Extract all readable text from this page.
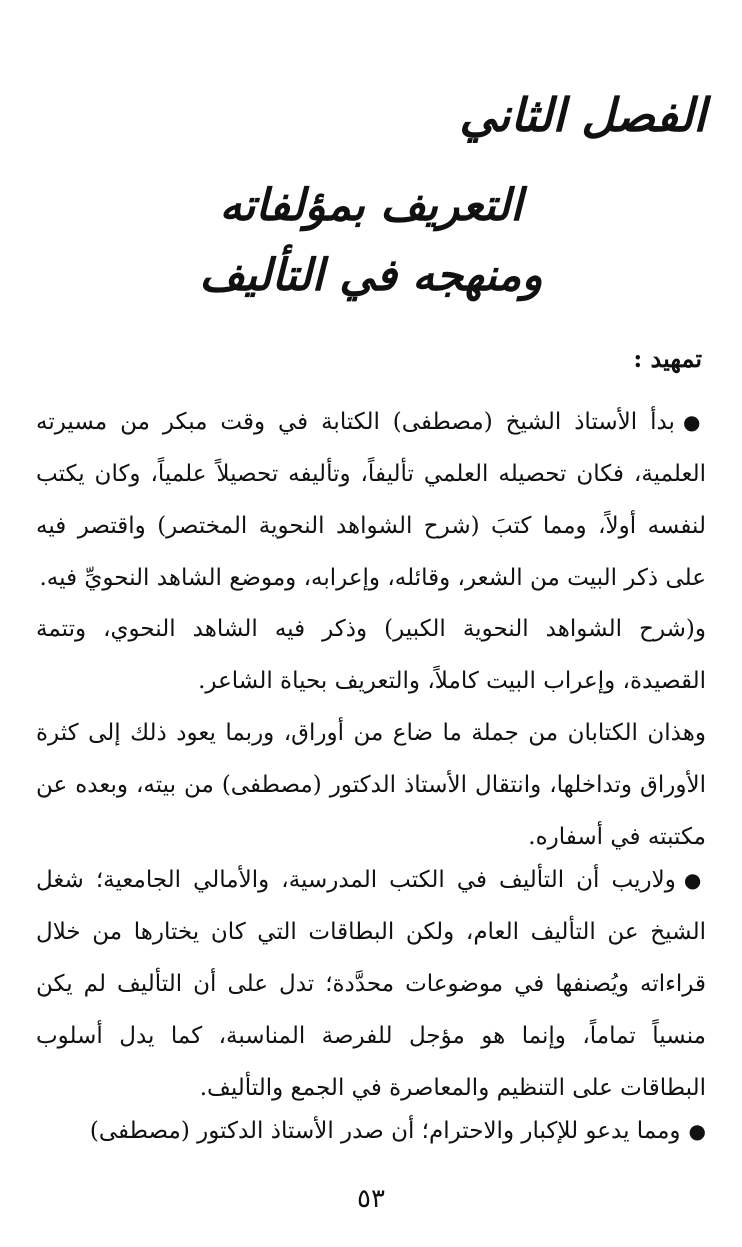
الفصل الثاني
التعريف بمؤلفاته
ومنهجه في التأليف
تمهيد :
●بدأ الأستاذ الشيخ (مصطفى) الكتابة في وقت مبكر من مسيرته العلمية، فكان تحصيله العلمي تأليفاً، وتأليفه تحصيلاً علمياً، وكان يكتب لنفسه أولاً، ومما كتبَ (شرح الشواهد النحوية المختصر) واقتصر فيه على ذكر البيت من الشعر، وقائله، وإعرابه، وموضع الشاهد النحويِّ فيه.
و(شرح الشواهد النحوية الكبير) وذكر فيه الشاهد النحوي، وتتمة القصيدة، وإعراب البيت كاملاً، والتعريف بحياة الشاعر.
وهذان الكتابان من جملة ما ضاع من أوراق، وربما يعود ذلك إلى كثرة الأوراق وتداخلها، وانتقال الأستاذ الدكتور (مصطفى) من بيته، وبعده عن مكتبته في أسفاره.
●ولاريب أن التأليف في الكتب المدرسية، والأمالي الجامعية؛ شغل الشيخ عن التأليف العام، ولكن البطاقات التي كان يختارها من خلال قراءاته ويُصنفها في موضوعات محدَّدة؛ تدل على أن التأليف لم يكن منسياً تماماً، وإنما هو مؤجل للفرصة المناسبة، كما يدل أسلوب البطاقات على التنظيم والمعاصرة في الجمع والتأليف.
●ومما يدعو للإكبار والاحترام؛ أن صدر الأستاذ الدكتور (مصطفى)
٥٣
